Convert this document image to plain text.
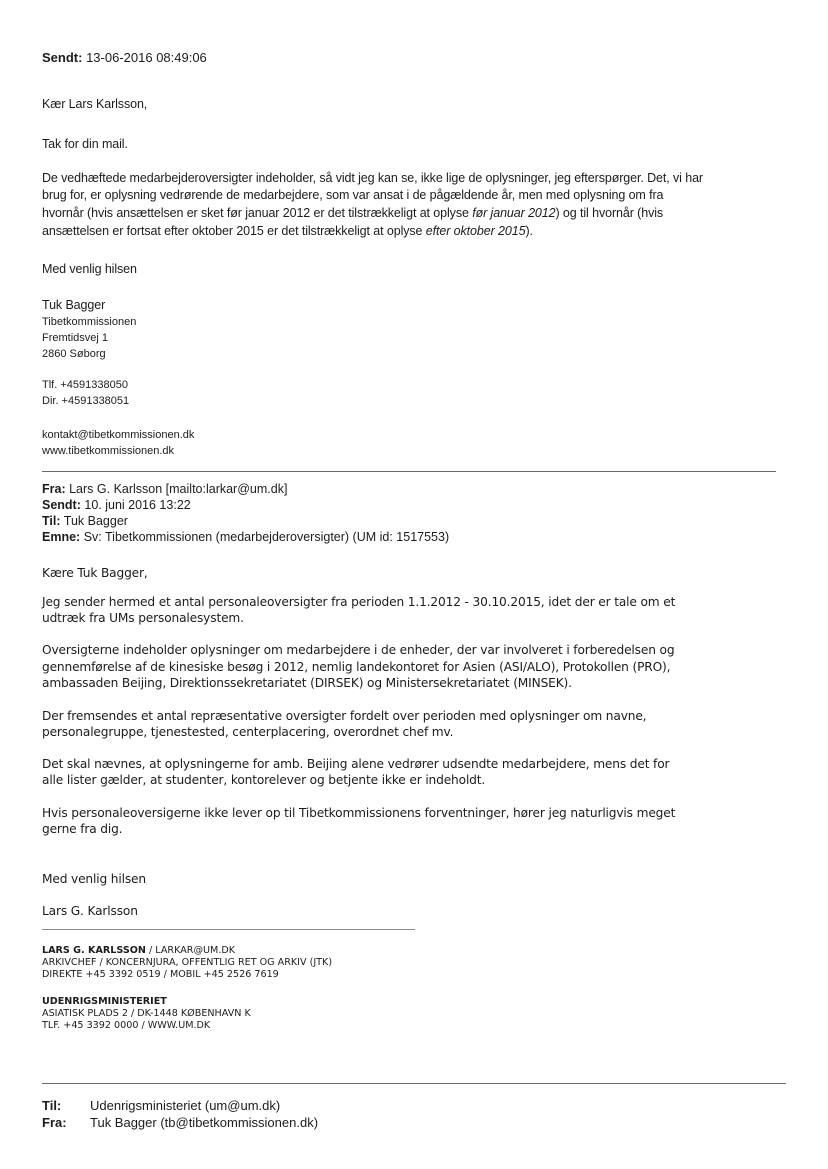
Sendt: 13-06-2016 08:49:06
Kær Lars Karlsson,
Tak for din mail.
De vedhæftede medarbejderoversigter indeholder, så vidt jeg kan se, ikke lige de oplysninger, jeg efterspørger. Det, vi har
brug for, er oplysning vedrørende de medarbejdere, som var ansat i de pågældende år, men med oplysning om fra
hvornår (hvis ansættelsen er sket før januar 2012 er det tilstrækkeligt at oplyse før januar 2012) og til hvornår (hvis
ansættelsen er fortsat efter oktober 2015 er det tilstrækkeligt at oplyse efter oktober 2015).
Med venlig hilsen
Tuk Bagger
Tibetkommissionen
Fremtidsvej 1
2860 Søborg
Tlf. +4591338050
Dir. +4591338051
kontakt@tibetkommissionen.dk
www.tibetkommissionen.dk
Fra: Lars G. Karlsson [mailto:larkar@um.dk]
Sendt: 10. juni 2016 13:22
Til: Tuk Bagger
Emne: Sv: Tibetkommissionen (medarbejderoversigter) (UM id: 1517553)
Kære Tuk Bagger,
Jeg sender hermed et antal personaleoversigter fra perioden 1.1.2012 - 30.10.2015, idet der er tale om et
udtræk fra UMs personalesystem.
Oversigterne indeholder oplysninger om medarbejdere i de enheder, der var involveret i forberedelsen og
gennemførelse af de kinesiske besøg i 2012, nemlig landekontoret for Asien (ASI/ALO), Protokollen (PRO),
ambassaden Beijing, Direktionssekretariatet (DIRSEK) og Ministersekretariatet (MINSEK).
Der fremsendes et antal repræsentative oversigter fordelt over perioden med oplysninger om navne,
personalegruppe, tjenestested, centerplacering, overordnet chef mv.
Det skal nævnes, at oplysningerne for amb. Beijing alene vedrører udsendte medarbejdere, mens det for
alle lister gælder, at studenter, kontorelever og betjente ikke er indeholdt.
Hvis personaleoversigerne ikke lever op til Tibetkommissionens forventninger, hører jeg naturligvis meget
gerne fra dig.
Med venlig hilsen
Lars G. Karlsson
LARS G. KARLSSON / LARKAR@UM.DK
ARKIVCHEF / KONCERNJURA, OFFENTLIG RET OG ARKIV (JTK)
DIREKTE +45 3392 0519 / MOBIL +45 2526 7619
UDENRIGSMINISTERIET
ASIATISK PLADS 2 / DK-1448 KØBENHAVN K
TLF. +45 3392 0000 / WWW.UM.DK
Til: Udenrigsministeriet (um@um.dk)
Fra: Tuk Bagger (tb@tibetkommissionen.dk)
